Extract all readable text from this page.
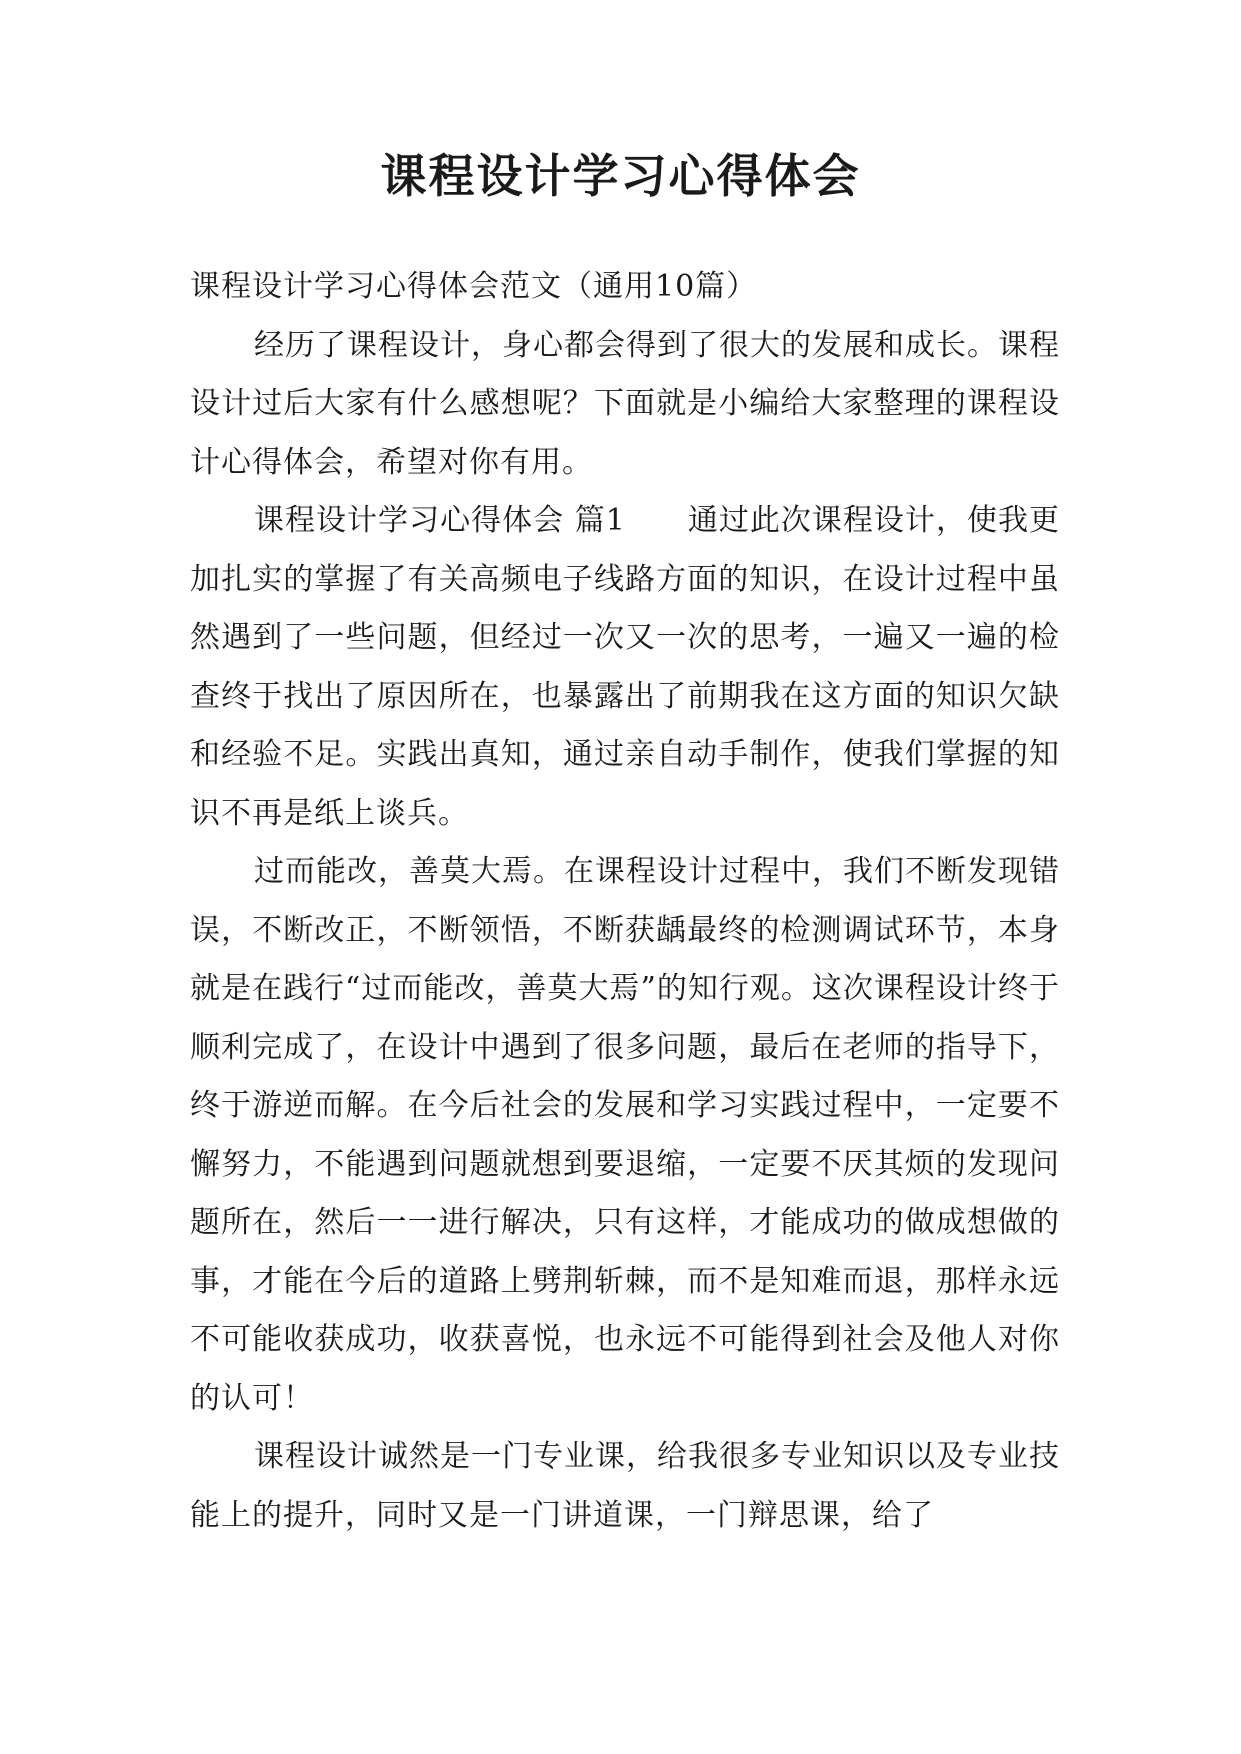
课程设计学习心得体会

课程设计学习心得体会范文（通用10篇）

经历了课程设计，身心都会得到了很大的发展和成长。课程设计过后大家有什么感想呢？下面就是小编给大家整理的课程设计心得体会，希望对你有用。

课程设计学习心得体会 篇1 通过此次课程设计，使我更加扎实的掌握了有关高频电子线路方面的知识，在设计过程中虽然遇到了一些问题，但经过一次又一次的思考，一遍又一遍的检查终于找出了原因所在，也暴露出了前期我在这方面的知识欠缺和经验不足。实践出真知，通过亲自动手制作，使我们掌握的知识不再是纸上谈兵。

过而能改，善莫大焉。在课程设计过程中，我们不断发现错误，不断改正，不断领悟，不断获龋最终的检测调试环节，本身就是在践行“过而能改，善莫大焉”的知行观。这次课程设计终于顺利完成了，在设计中遇到了很多问题，最后在老师的指导下，终于游逆而解。在今后社会的发展和学习实践过程中，一定要不懈努力，不能遇到问题就想到要退缩，一定要不厌其烦的发现问题所在，然后一一进行解决，只有这样，才能成功的做成想做的事，才能在今后的道路上劈荆斩棘，而不是知难而退，那样永远不可能收获成功，收获喜悦，也永远不可能得到社会及他人对你的认可！

课程设计诚然是一门专业课，给我很多专业知识以及专业技能上的提升，同时又是一门讲道课，一门辩思课，给了
